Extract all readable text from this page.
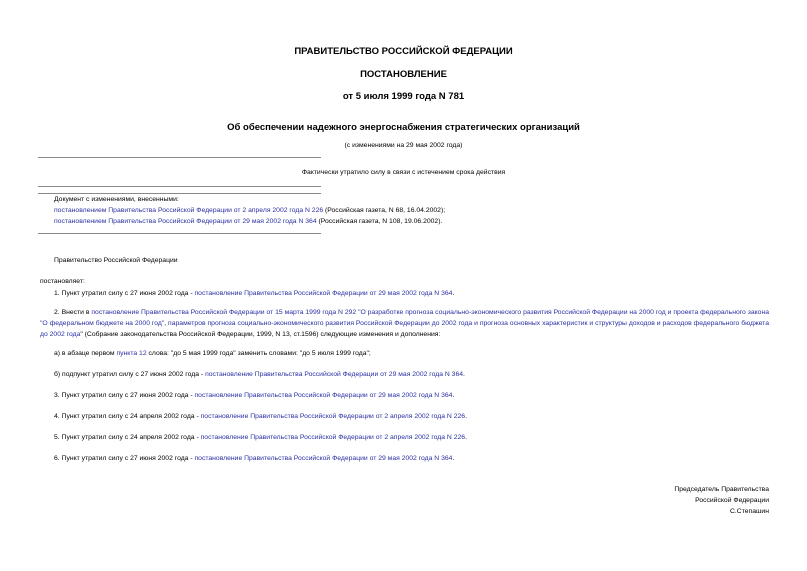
ПРАВИТЕЛЬСТВО РОССИЙСКОЙ ФЕДЕРАЦИИ
ПОСТАНОВЛЕНИЕ
от 5 июля 1999 года N 781
Об обеспечении надежного энергоснабжения стратегических организаций
(с изменениями на 29 мая 2002 года)
Фактически утратило силу в связи с истечением срока действия
Документ с изменениями, внесенными:
постановлением Правительства Российской Федерации от 2 апреля 2002 года N 226 (Российская газета, N 68, 16.04.2002);
постановлением Правительства Российской Федерации от 29 мая 2002 года N 364 (Российская газета, N 108, 19.06.2002).
Правительство Российской Федерации
постановляет:
1. Пункт утратил силу с 27 июня 2002 года - постановление Правительства Российской Федерации от 29 мая 2002 года N 364.
2. Внести в постановление Правительства Российской Федерации от 15 марта 1999 года N 292 "О разработке прогноза социально-экономического развития Российской Федерации на 2000 год и проекта федерального закона "О федеральном бюджете на 2000 год", параметров прогноза социально-экономического развития Российской Федерации до 2002 года и прогноза основных характеристик и структуры доходов и расходов федерального бюджета до 2002 года" (Собрание законодательства Российской Федерации, 1999, N 13, ст.1596) следующие изменения и дополнения:
а) в абзаце первом пункта 12 слова: "до 5 мая 1999 года" заменить словами: "до 5 июля 1999 года";
б) подпункт утратил силу с 27 июня 2002 года - постановление Правительства Российской Федерации от 29 мая 2002 года N 364.
3. Пункт утратил силу с 27 июня 2002 года - постановление Правительства Российской Федерации от 29 мая 2002 года N 364.
4. Пункт утратил силу с 24 апреля 2002 года - постановление Правительства Российской Федерации от 2 апреля 2002 года N 226.
5. Пункт утратил силу с 24 апреля 2002 года - постановление Правительства Российской Федерации от 2 апреля 2002 года N 226.
6. Пункт утратил силу с 27 июня 2002 года - постановление Правительства Российской Федерации от 29 мая 2002 года N 364.
Председатель Правительства
Российской Федерации
С.Степашин
